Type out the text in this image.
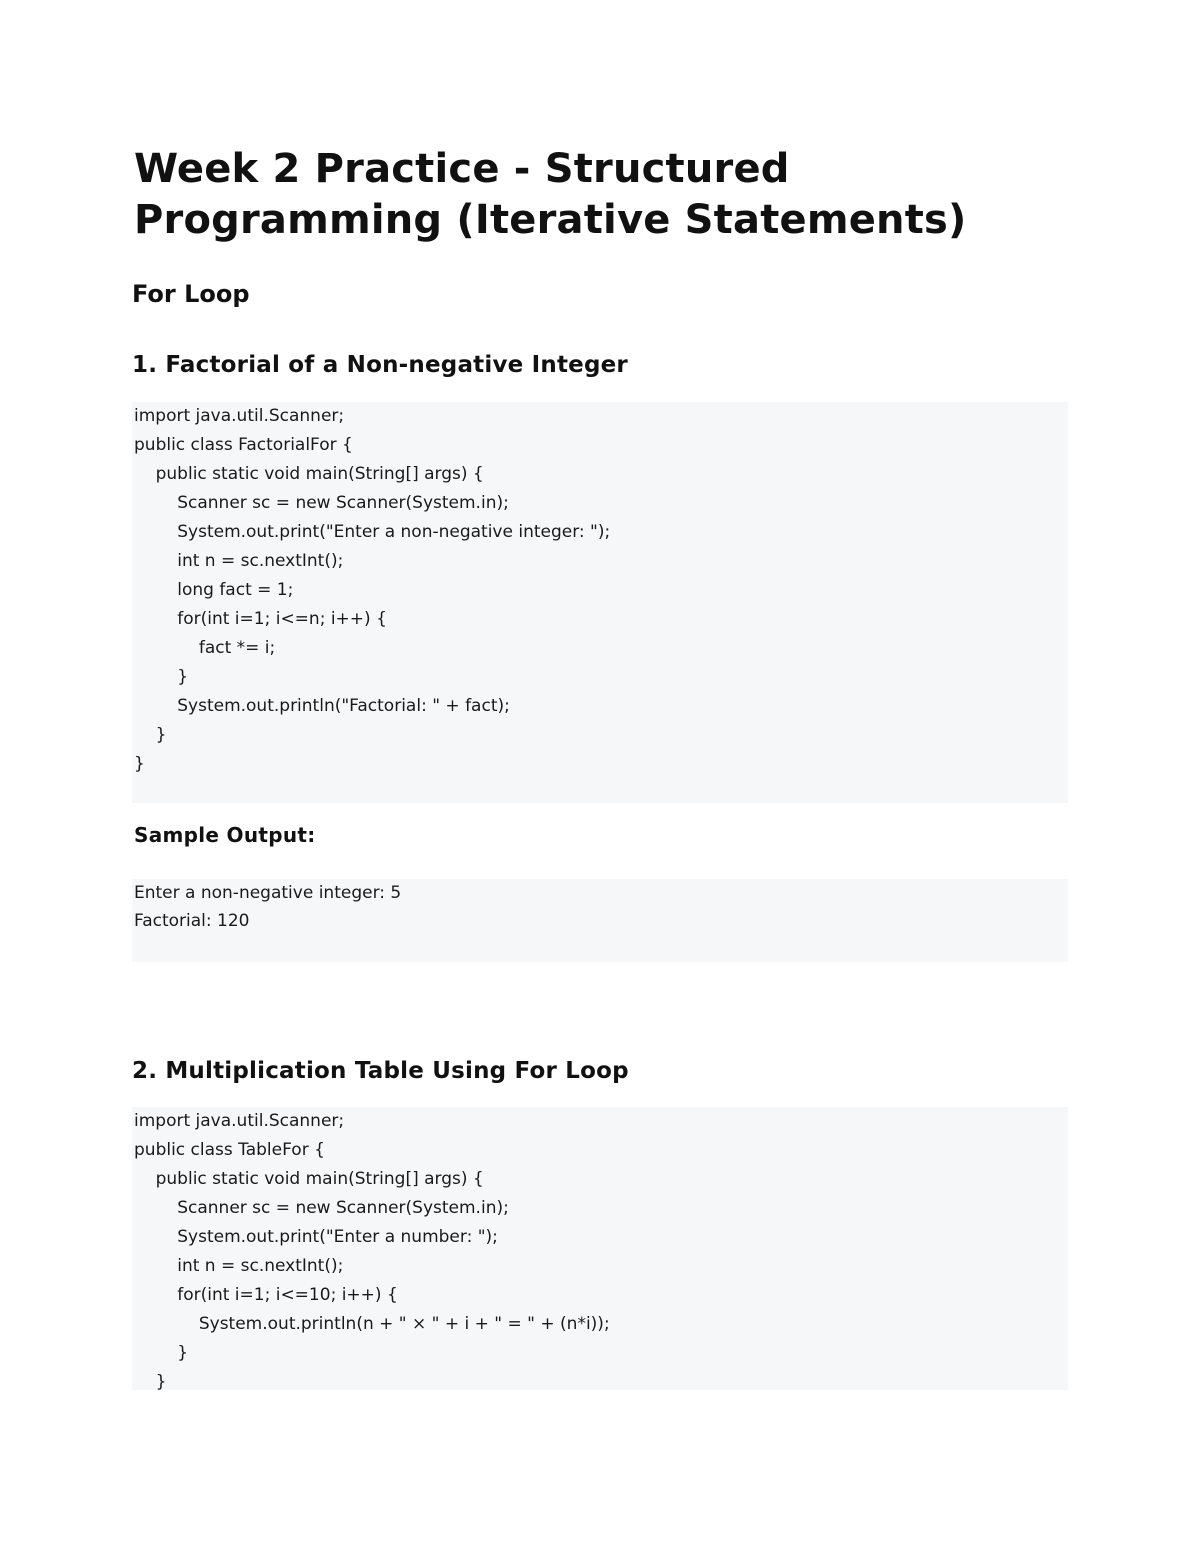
Week 2 Practice - Structured Programming (Iterative Statements)
For Loop
1. Factorial of a Non-negative Integer
import java.util.Scanner;
public class FactorialFor {
public static void main(String[] args) {
Scanner sc = new Scanner(System.in);
System.out.print("Enter a non-negative integer: ");
int n = sc.nextInt();
long fact = 1;
for(int i=1; i<=n; i++) {
fact *= i;
}
System.out.println("Factorial: " + fact);
}
}
Sample Output:
Enter a non-negative integer: 5
Factorial: 120
2. Multiplication Table Using For Loop
import java.util.Scanner;
public class TableFor {
public static void main(String[] args) {
Scanner sc = new Scanner(System.in);
System.out.print("Enter a number: ");
int n = sc.nextInt();
for(int i=1; i<=10; i++) {
System.out.println(n + " × " + i + " = " + (n*i));
}
}
